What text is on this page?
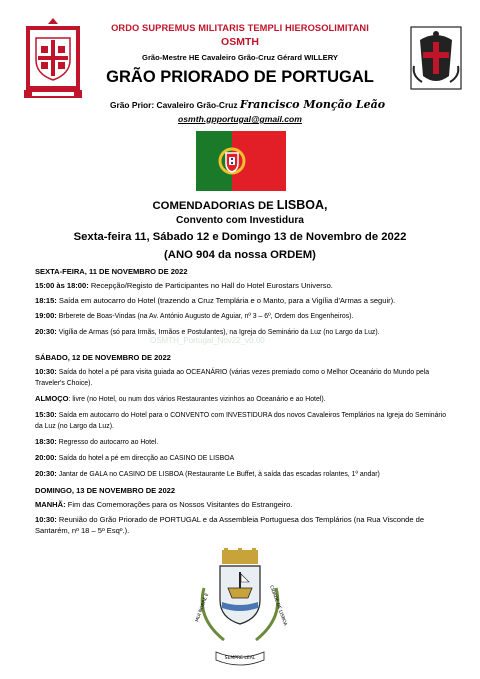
ORDO SUPREMUS MILITARIS TEMPLI HIEROSOLIMITANI
OSMTH
Grão-Mestre HE Cavaleiro Grão-Cruz Gérard WILLERY
GRÃO PRIORADO DE PORTUGAL
Grão Prior: Cavaleiro Grão-Cruz Francisco Monção Leão
osmth.gpportugal@gmail.com
COMENDADORIAS DE LISBOA,
Convento com Investidura
Sexta-feira 11, Sábado 12 e Domingo 13 de Novembro de 2022
(ANO 904 da nossa ORDEM)
SEXTA-FEIRA, 11 DE NOVEMBRO DE 2022
15:00 às 18:00: Recepção/Registo de Participantes no Hall do Hotel Eurostars Universo.
18:15: Saída em autocarro do Hotel (trazendo a Cruz Templária e o Manto, para a Vigília d'Armas a seguir).
19:00: Brberete de Boas-Vindas (na Av. António Augusto de Aguiar, nº 3 – 6º, Ordem dos Engenheiros).
20:30: Vigília de Armas (só para Irmãs, Irmãos e Postulantes), na Igreja do Seminário da Luz (no Largo da Luz).
OSMTH_Portugal_Nov22_v0.00
SÁBADO, 12 DE NOVEMBRO DE 2022
10:30: Saída do hotel a pé para visita guiada ao OCEANÁRIO (várias vezes premiado como o Melhor Oceanário do Mundo pela Traveler's Choice).
ALMOÇO: livre (no Hotel, ou num dos vários Restaurantes vizinhos ao Oceanário e ao Hotel).
15:30: Saída em autocarro do Hotel para o CONVENTO com INVESTIDURA dos novos Cavaleiros Templários na Igreja do Seminário da Luz (no Largo da Luz).
18:30: Regresso do autocarro ao Hotel.
20:00: Saída do hotel a pé em direcção ao CASINO DE LISBOA
20:30: Jantar de GALA no CASINO DE LISBOA (Restaurante Le Buffet, à saída das escadas rolantes, 1º andar)
DOMINGO, 13 DE NOVEMBRO DE 2022
MANHÃ: Fim das Comemorações para os Nossos Visitantes do Estrangeiro.
10:30: Reunião do Grão Priorado de PORTUGAL e da Assembleia Portuguesa dos Templários (na Rua Visconde de Santarém, nº 18 – 5º Esqº.).
MUI NOBRE E	CIDADE DE LISBOA
SEMPRE LEAL
